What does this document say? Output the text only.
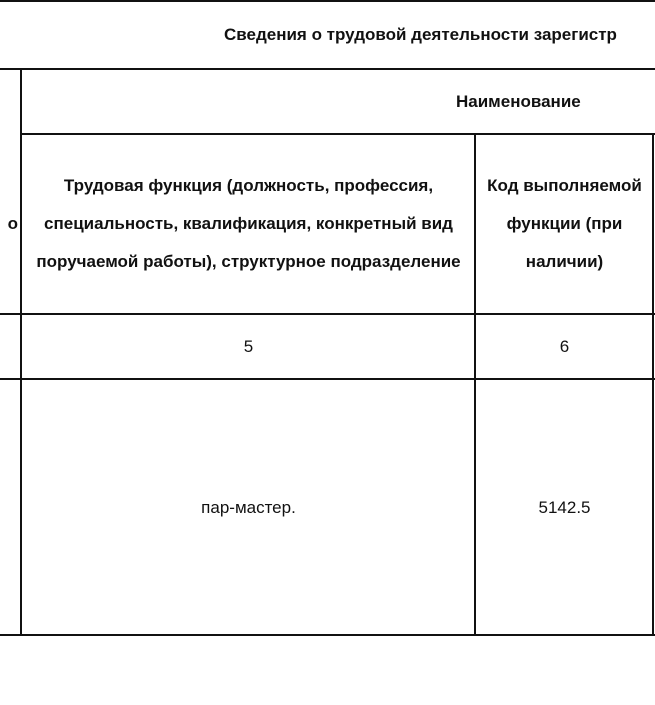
Сведения о трудовой деятельности зарегистр
Наименование
о
Трудовая функция (должность, профессия, специальность, квалификация, конкретный вид поручаемой работы), структурное подразделение
Код выполняемой функции (при наличии)
5	6
пар-мастер.	5142.5
